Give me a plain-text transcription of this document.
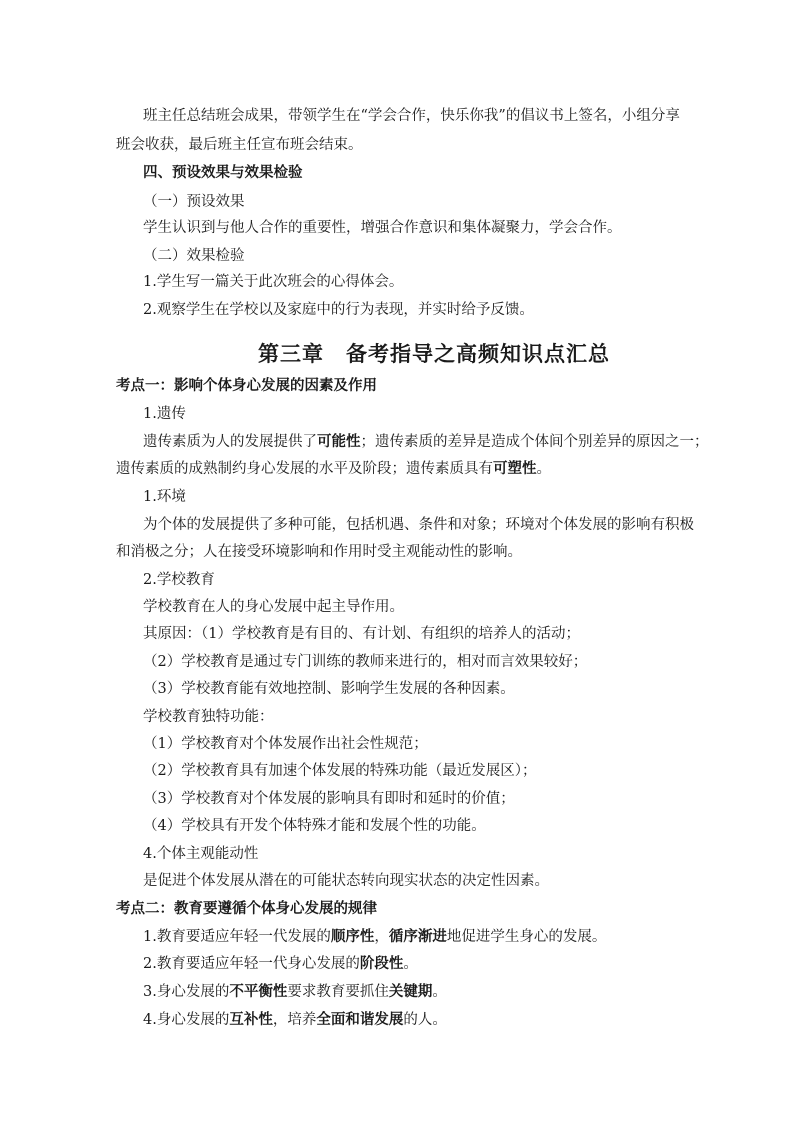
班主任总结班会成果，带领学生在“学会合作，快乐你我”的倡议书上签名，小组分享
班会收获，最后班主任宣布班会结束。
四、预设效果与效果检验
（一）预设效果
学生认识到与他人合作的重要性，增强合作意识和集体凝聚力，学会合作。
（二）效果检验
1.学生写一篇关于此次班会的心得体会。
2.观察学生在学校以及家庭中的行为表现，并实时给予反馈。
第三章　备考指导之高频知识点汇总
考点一：影响个体身心发展的因素及作用
1.遗传
遗传素质为人的发展提供了可能性；遗传素质的差异是造成个体间个别差异的原因之一；
遗传素质的成熟制约身心发展的水平及阶段；遗传素质具有可塑性。
1.环境
为个体的发展提供了多种可能，包括机遇、条件和对象；环境对个体发展的影响有积极
和消极之分；人在接受环境影响和作用时受主观能动性的影响。
2.学校教育
学校教育在人的身心发展中起主导作用。
其原因：（1）学校教育是有目的、有计划、有组织的培养人的活动；
（2）学校教育是通过专门训练的教师来进行的，相对而言效果较好；
（3）学校教育能有效地控制、影响学生发展的各种因素。
学校教育独特功能：
（1）学校教育对个体发展作出社会性规范；
（2）学校教育具有加速个体发展的特殊功能（最近发展区）；
（3）学校教育对个体发展的影响具有即时和延时的价值；
（4）学校具有开发个体特殊才能和发展个性的功能。
4.个体主观能动性
是促进个体发展从潜在的可能状态转向现实状态的决定性因素。
考点二：教育要遵循个体身心发展的规律
1.教育要适应年轻一代发展的顺序性，循序渐进地促进学生身心的发展。
2.教育要适应年轻一代身心发展的阶段性。
3.身心发展的不平衡性要求教育要抓住关键期。
4.身心发展的互补性，培养全面和谐发展的人。
